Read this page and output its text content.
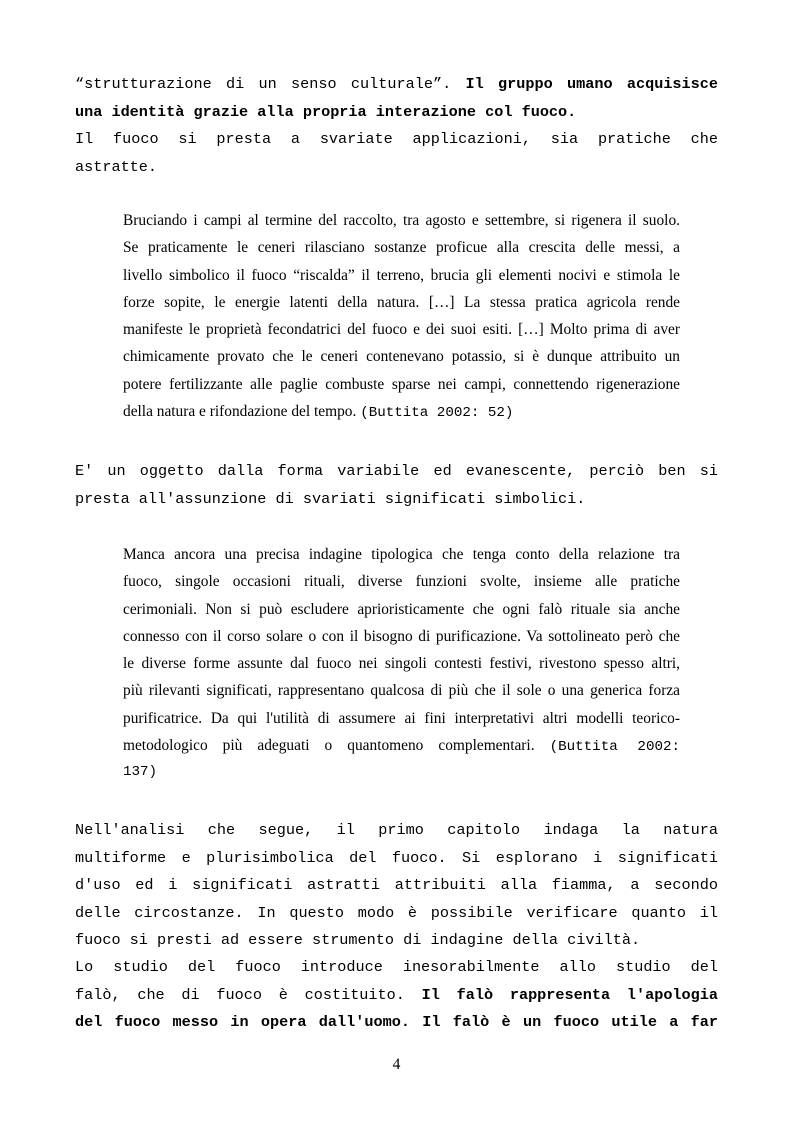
“strutturazione di un senso culturale”. Il gruppo umano acquisisce
una identità grazie alla propria interazione col fuoco.
Il fuoco si presta a svariate applicazioni, sia pratiche che
astratte.
Bruciando i campi al termine del raccolto, tra agosto e settembre, si rigenera il suolo.
Se praticamente le ceneri rilasciano sostanze proficue alla crescita delle messi, a
livello simbolico il fuoco “riscalda” il terreno, brucia gli elementi nocivi e stimola le
forze sopite, le energie latenti della natura. […] La stessa pratica agricola rende
manifeste le proprietà fecondatrici del fuoco e dei suoi esiti. […] Molto prima di aver
chimicamente provato che le ceneri contenevano potassio, si è dunque attribuito un
potere fertilizzante alle paglie combuste sparse nei campi, connettendo rigenerazione
della natura e rifondazione del tempo. (Buttita 2002: 52)
E' un oggetto dalla forma variabile ed evanescente, perciò ben si
presta all'assunzione di svariati significati simbolici.
Manca ancora una precisa indagine tipologica che tenga conto della relazione tra
fuoco, singole occasioni rituali, diverse funzioni svolte, insieme alle pratiche
cerimoniali. Non si può escludere aprioristicamente che ogni falò rituale sia anche
connesso con il corso solare o con il bisogno di purificazione. Va sottolineato però che
le diverse forme assunte dal fuoco nei singoli contesti festivi, rivestono spesso altri,
più rilevanti significati, rappresentano qualcosa di più che il sole o una generica forza
purificatrice. Da qui l'utilità di assumere ai fini interpretativi altri modelli teorico-
metodologico più adeguati o quantomeno complementari. (Buttita 2002:
137)
Nell'analisi che segue, il primo capitolo indaga la natura
multiforme e plurisimbolica del fuoco. Si esplorano i significati
d'uso ed i significati astratti attribuiti alla fiamma, a secondo
delle circostanze. In questo modo è possibile verificare quanto il
fuoco si presti ad essere strumento di indagine della civiltà.
Lo studio del fuoco introduce inesorabilmente allo studio del
falò, che di fuoco è costituito. Il falò rappresenta l'apologia
del fuoco messo in opera dall'uomo. Il falò è un fuoco utile a far
4
